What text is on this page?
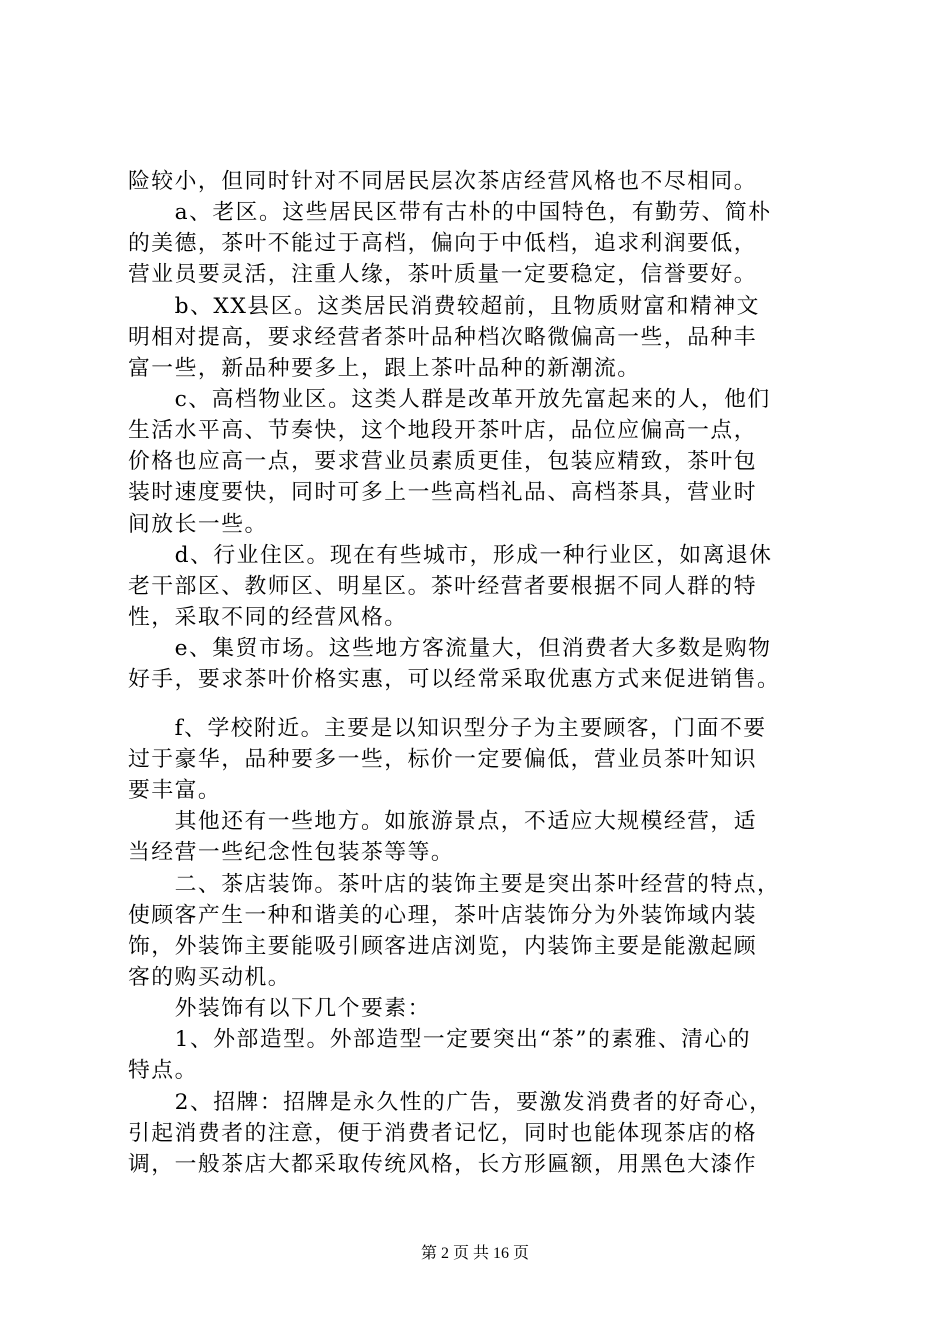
险较小，但同时针对不同居民层次茶店经营风格也不尽相同。
　　a、老区。这些居民区带有古朴的中国特色，有勤劳、简朴
的美德，茶叶不能过于高档，偏向于中低档，追求利润要低，
营业员要灵活，注重人缘，茶叶质量一定要稳定，信誉要好。
　　b、XX县区。这类居民消费较超前，且物质财富和精神文
明相对提高，要求经营者茶叶品种档次略微偏高一些，品种丰
富一些，新品种要多上，跟上茶叶品种的新潮流。
　　c、高档物业区。这类人群是改革开放先富起来的人，他们
生活水平高、节奏快，这个地段开茶叶店，品位应偏高一点，
价格也应高一点，要求营业员素质更佳，包装应精致，茶叶包
装时速度要快，同时可多上一些高档礼品、高档茶具，营业时
间放长一些。
　　d、行业住区。现在有些城市，形成一种行业区，如离退休
老干部区、教师区、明星区。茶叶经营者要根据不同人群的特
性，采取不同的经营风格。
　　e、集贸市场。这些地方客流量大，但消费者大多数是购物
好手，要求茶叶价格实惠，可以经常采取优惠方式来促进销售。
　　f、学校附近。主要是以知识型分子为主要顾客，门面不要
过于豪华，品种要多一些，标价一定要偏低，营业员茶叶知识
要丰富。
　　其他还有一些地方。如旅游景点，不适应大规模经营，适
当经营一些纪念性包装茶等等。
　　二、茶店装饰。茶叶店的装饰主要是突出茶叶经营的特点，
使顾客产生一种和谐美的心理，茶叶店装饰分为外装饰域内装
饰，外装饰主要能吸引顾客进店浏览，内装饰主要是能激起顾
客的购买动机。
　　外装饰有以下几个要素：
　　1、外部造型。外部造型一定要突出“茶”的素雅、清心的
特点。
　　2、招牌：招牌是永久性的广告，要激发消费者的好奇心，
引起消费者的注意，便于消费者记忆，同时也能体现茶店的格
调，一般茶店大都采取传统风格，长方形匾额，用黑色大漆作
第 2 页 共 16 页
